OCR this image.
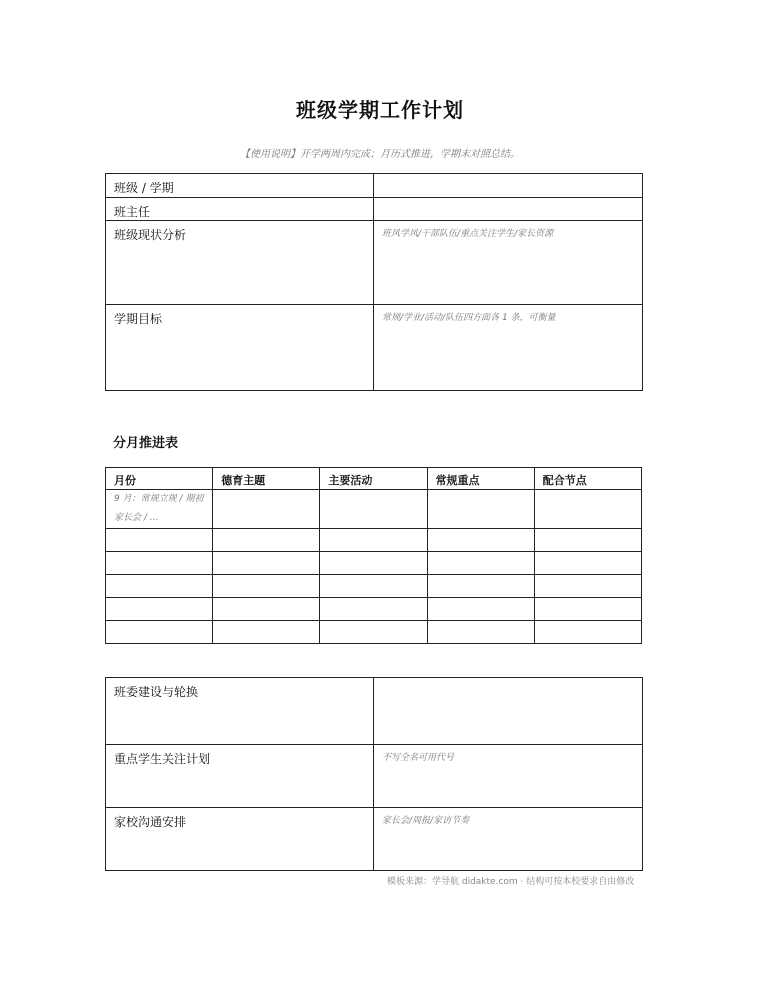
班级学期工作计划
【使用说明】开学两周内完成；月历式推进，学期末对照总结。
班级 / 学期	
班主任	
班级现状分析	班风学风/干部队伍/重点关注学生/家长资源
学期目标	常规/学业/活动/队伍四方面各 1 条，可衡量
分月推进表
月份	德育主题	主要活动	常规重点	配合节点
9 月：常规立规 / 期初家长会 / …				

班委建设与轮换	
重点学生关注计划	不写全名可用代号
家校沟通安排	家长会/周报/家访节奏
模板来源：学导航 didakte.com · 结构可按本校要求自由修改
